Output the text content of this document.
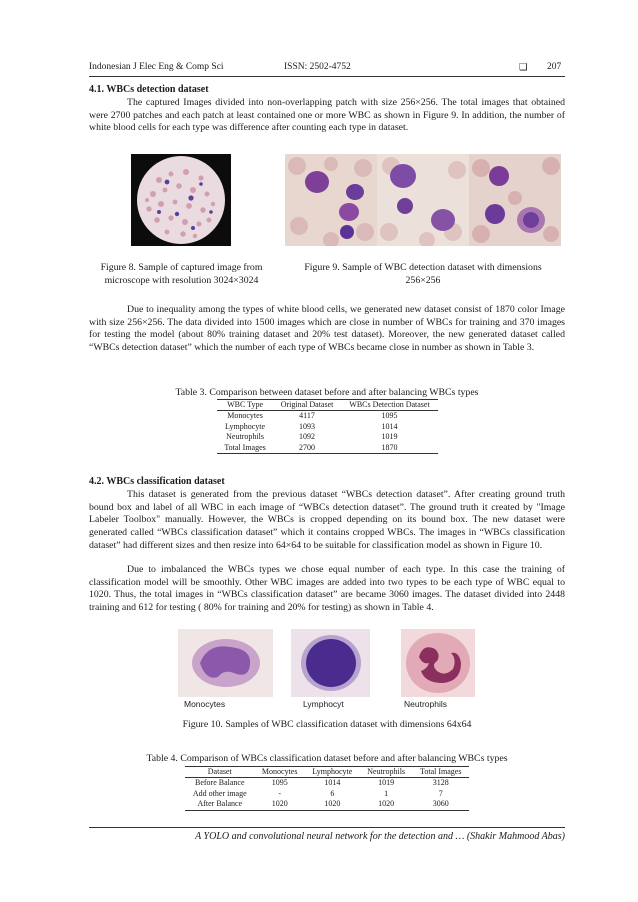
Indonesian J Elec Eng & Comp Sci	ISSN: 2502-4752	❏ 207
4.1. WBCs detection dataset

The captured Images divided into non-overlapping patch with size 256×256. The total images that obtained were 2700 patches and each patch at least contained one or more WBC as shown in Figure 9. In addition, the number of white blood cells for each type was difference after counting each type in dataset.

Figure 8. Sample of captured image from microscope with resolution 3024×3024
Figure 9. Sample of WBC detection dataset with dimensions 256×256

Due to inequality among the types of white blood cells, we generated new dataset consist of 1870 color Image with size 256×256. The data divided into 1500 images which are close in number of WBCs for training and 370 images for testing the model (about 80% training dataset and 20% test dataset). Moreover, the new generated dataset called “WBCs detection dataset” which the number of each type of WBCs became close in number as shown in Table 3.

Table 3. Comparison between dataset before and after balancing WBCs types
WBC Type	Original Dataset	WBCs Detection Dataset
Monocytes	4117	1095
Lymphocyte	1093	1014
Neutrophils	1092	1019
Total Images	2700	1870
4.2. WBCs classification dataset

This dataset is generated from the previous dataset “WBCs detection dataset”. After creating ground truth bound box and label of all WBC in each image of “WBCs detection dataset”. The ground truth it created by "Image Labeler Toolbox" manually. However, the WBCs is cropped depending on its bound box. The new dataset were generated called “WBCs classification dataset” which it contains cropped WBCs. The images in “WBCs classification dataset” had different sizes and then resize into 64×64 to be suitable for classification model as shown in Figure 10.

Due to imbalanced the WBCs types we chose equal number of each type. In this case the training of classification model will be smoothly. Other WBC images are added into two types to be each type of WBC equal to 1020. Thus, the total images in “WBCs classification dataset” are became 3060 images. The dataset divided into 2448 training and 612 for testing ( 80% for training and 20% for testing) as shown in Table 4.

Monocytes	Lymphocyt	Neutrophils
Figure 10. Samples of WBC classification dataset with dimensions 64x64
Table 4. Comparison of WBCs classification dataset before and after balancing WBCs types
Dataset	Monocytes	Lymphocyte	Neutrophils	Total Images
Before Balance	1095	1014	1019	3128
Add other image	-	6	1	7
After Balance	1020	1020	1020	3060
A YOLO and convolutional neural network for the detection and … (Shakir Mahmood Abas)
